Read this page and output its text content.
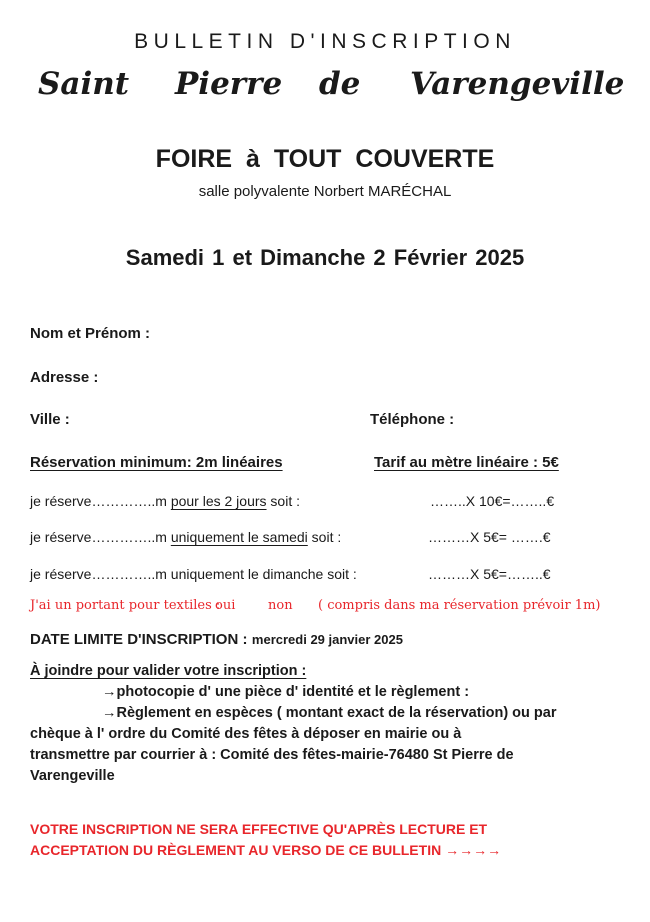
BULLETIN D'INSCRIPTION
Saint Pierre de Varengeville
FOIRE à TOUT COUVERTE
salle polyvalente Norbert MARÉCHAL
Samedi 1 et Dimanche 2 Février 2025
Nom et Prénom :
Adresse :
Ville :	Téléphone :
Réservation minimum: 2m linéaires	Tarif au mètre linéaire : 5€
je réserve…………..m pour les 2 jours soit :	……..X 10€=……..€
je réserve…………..m uniquement le samedi soit :	………X 5€= …….€
je réserve…………..m uniquement le dimanche soit :	………X 5€=……..€
J'ai un portant pour textiles :
oui	non ( compris dans ma réservation prévoir 1m)
DATE LIMITE D'INSCRIPTION : mercredi 29 janvier 2025
À joindre pour valider votre inscription :
→photocopie d' une pièce d' identité et le règlement :
→Règlement en espèces ( montant exact de la réservation) ou par
chèque à l' ordre du Comité des fêtes à déposer en mairie ou à
transmettre par courrier à : Comité des fêtes-mairie-76480 St Pierre de
Varengeville
VOTRE INSCRIPTION NE SERA EFFECTIVE QU'APRÈS LECTURE ET
ACCEPTATION DU RÈGLEMENT AU VERSO DE CE BULLETIN →→→→
